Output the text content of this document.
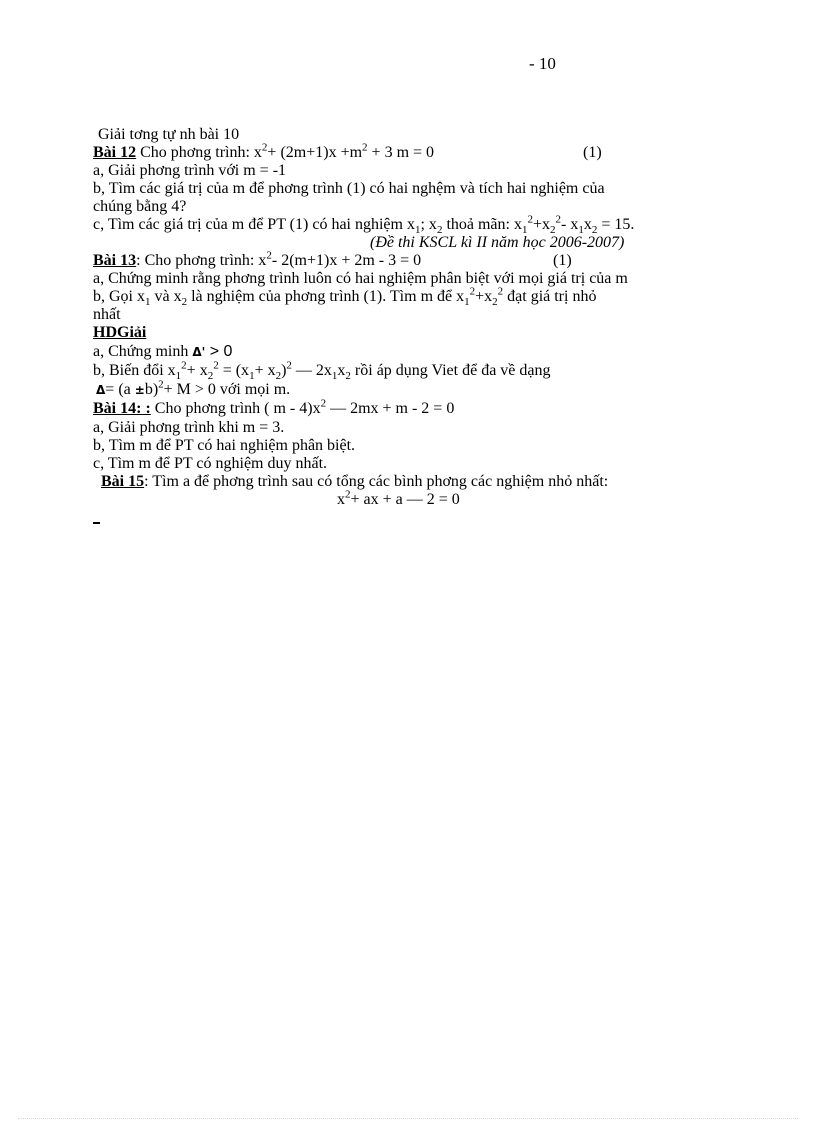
- 10
Giải tơng tự nh bài 10
Bài 12 Cho phơng trình: $x^2+ (2m+1)x +m^2 + 3$ m = 0	(1)
a, Giải phơng trình với m = -1
b, Tìm các giá trị của m để phơng trình (1) có hai nghệm và tích hai nghiệm của
chúng bằng 4?
c, Tìm các giá trị của m để PT (1) có hai nghiệm $x_1$; $x_2$ thoả mãn: $x_1^2+x_2^2-$ $x_1x_2 = 15$.
(Đề thi KSCL kì II năm học 2006-2007)
Bài 13: Cho phơng trình: $x^2-$ 2(m+1)x + 2m - 3 = 0	(1)
a, Chứng minh rằng phơng trình luôn có hai nghiệm phân biệt với mọi giá trị của m
b, Gọi $x_1$ và $x_2$ là nghiệm của phơng trình (1). Tìm m để $x_1^2+x_2^2$ đạt giá trị nhỏ
nhất
HDGiải
a, Chứng minh Δ' > 0
b, Biến đổi $x_1^2+ x_2^2 = (x_1+ x_2)^2$ — $2x_1x_2$ rồi áp dụng Viet để đa về dạng
$\Delta= (a \pm b)^2+ M > 0$ với mọi m.
Bài 14: : Cho phơng trình ( m - $4)x^2$ — 2mx + m - 2 = 0
a, Giải phơng trình khi m = 3.
b, Tìm m để PT có hai nghiệm phân biệt.
c, Tìm m để PT có nghiệm duy nhất.
Bài 15: Tìm a để phơng trình sau có tổng các bình phơng các nghiệm nhỏ nhất:
$x^2+$ ax + a — 2 = 0
